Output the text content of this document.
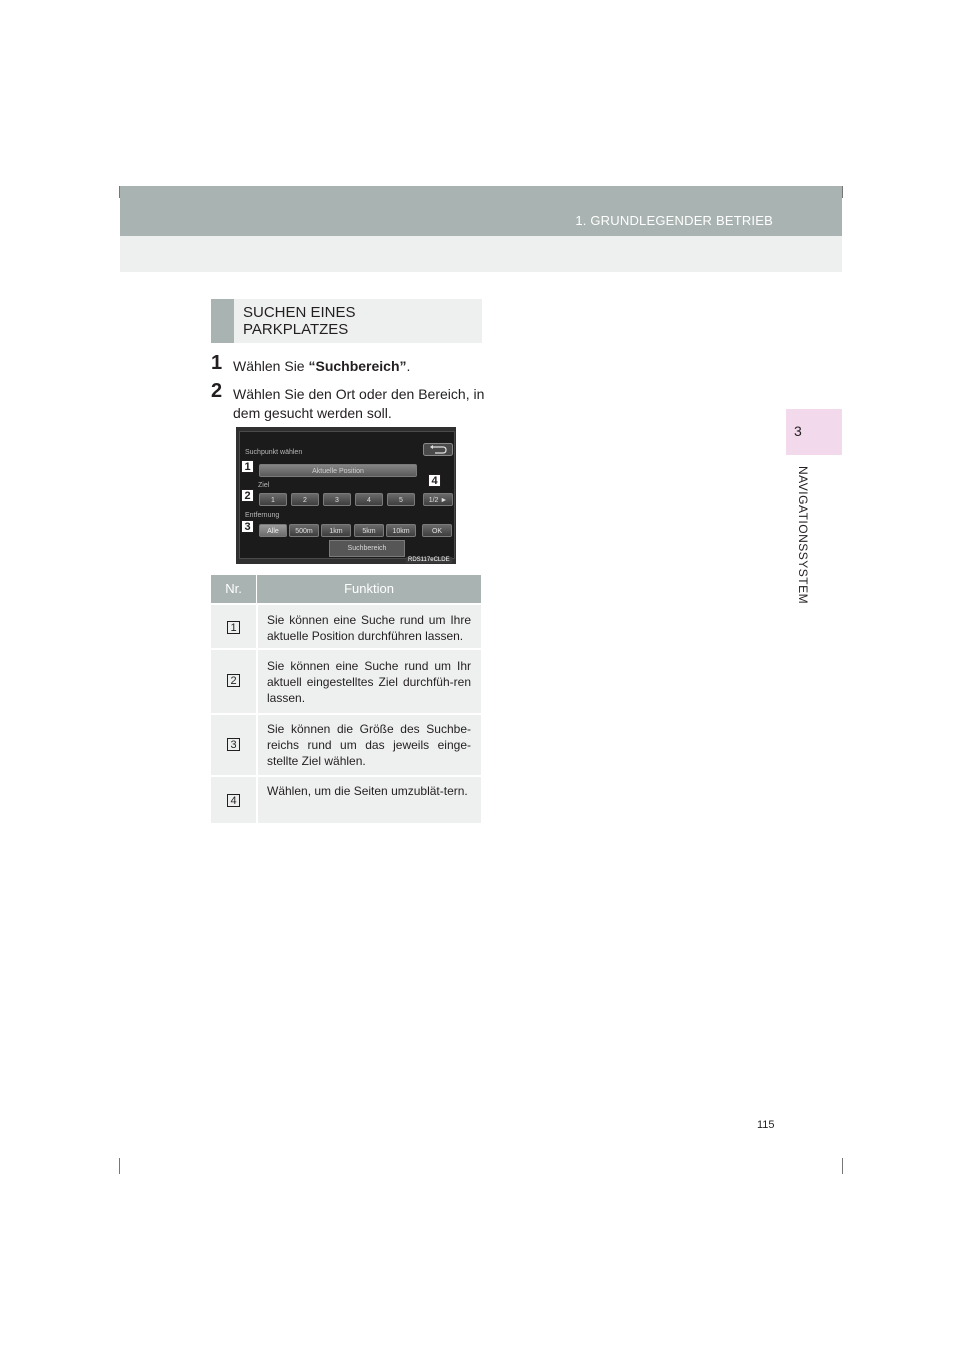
1. GRUNDLEGENDER BETRIEB
3
NAVIGATIONSSYSTEM
SUCHEN EINES
PARKPLATZES
1 Wählen Sie “Suchbereich”.
2 Wählen Sie den Ort oder den Bereich, in dem gesucht werden soll.
Suchpunkt wählen
Aktuelle Position
Ziel
1	2	3	4	5	1/2 ►
Entfernung
Alle	500m	1km	5km	10km	OK
Suchbereich
1
2
3
4
RDS117eCLDE
Nr.	Funktion
1
Sie können eine Suche rund um Ihre aktuelle Position durchführen lassen.
2
Sie können eine Suche rund um Ihr aktuell eingestelltes Ziel durchfüh-ren lassen.
3
Sie können die Größe des Suchbe-reichs rund um das jeweils einge-stellte Ziel wählen.
4
Wählen, um die Seiten umzublät-tern.
115
